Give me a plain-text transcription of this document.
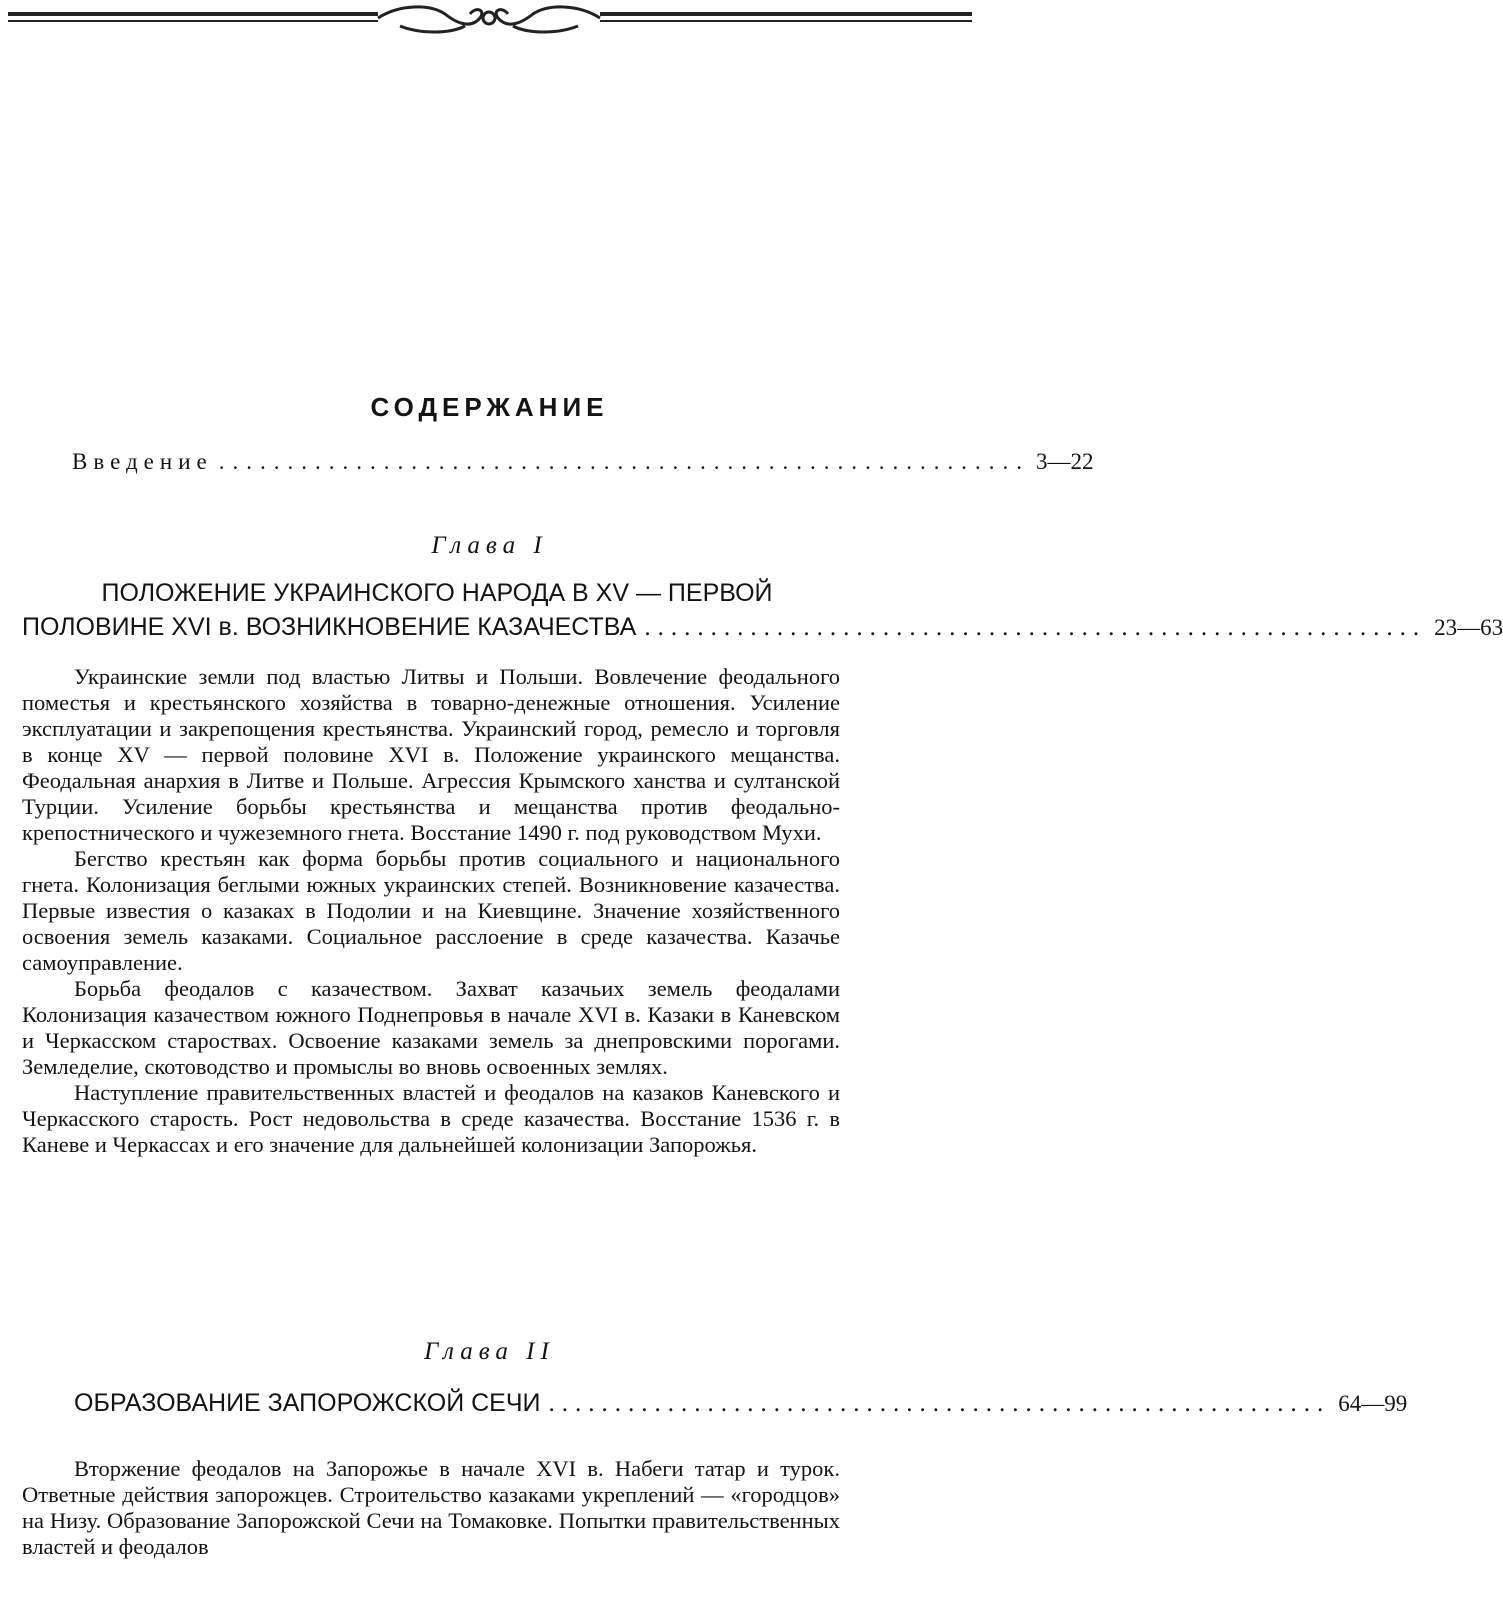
СОДЕРЖАНИЕ
Введение ........................................................... 3—22
Глава I
ПОЛОЖЕНИЕ УКРАИНСКОГО НАРОДА В XV — ПЕРВОЙ
ПОЛОВИНЕ XVI в. ВОЗНИКНОВЕНИЕ КАЗАЧЕСТВА ........................................................... 23—63

Украинские земли под властью Литвы и Польши. Вовлечение феодального поместья и крестьянского хозяйства в товарно-денежные отношения. Усиление эксплуатации и закрепощения крестьянства. Украинский город, ремесло и торговля в конце XV — первой половине XVI в. Положение украинского мещанства. Феодальная анархия в Литве и Польше. Агрессия Крымского ханства и султанской Турции. Усиление борьбы крестьянства и мещанства против феодально-крепостнического и чужеземного гнета. Восстание 1490 г. под руководством Мухи.

Бегство крестьян как форма борьбы против социального и национального гнета. Колонизация беглыми южных украинских степей. Возникновение казачества. Первые известия о казаках в Подолии и на Киевщине. Значение хозяйственного освоения земель казаками. Социальное расслоение в среде казачества. Казачье самоуправление.

Борьба феодалов с казачеством. Захват казачьих земель феодалами Колонизация казачеством южного Поднепровья в начале XVI в. Казаки в Каневском и Черкасском староствах. Освоение казаками земель за днепровскими порогами. Земледелие, скотоводство и промыслы во вновь освоенных землях.

Наступление правительственных властей и феодалов на казаков Каневского и Черкасского старость. Рост недовольства в среде казачества. Восстание 1536 г. в Каневе и Черкассах и его значение для дальнейшей колонизации Запорожья.

Глава II
ОБРАЗОВАНИЕ ЗАПОРОЖСКОЙ СЕЧИ ........................................................... 64—99

Вторжение феодалов на Запорожье в начале XVI в. Набеги татар и турок. Ответные действия запорожцев. Строительство казаками укреплений — «городцов» на Низу. Образование Запорожской Сечи на Томаковке. Попытки правительственных властей и феодалов
